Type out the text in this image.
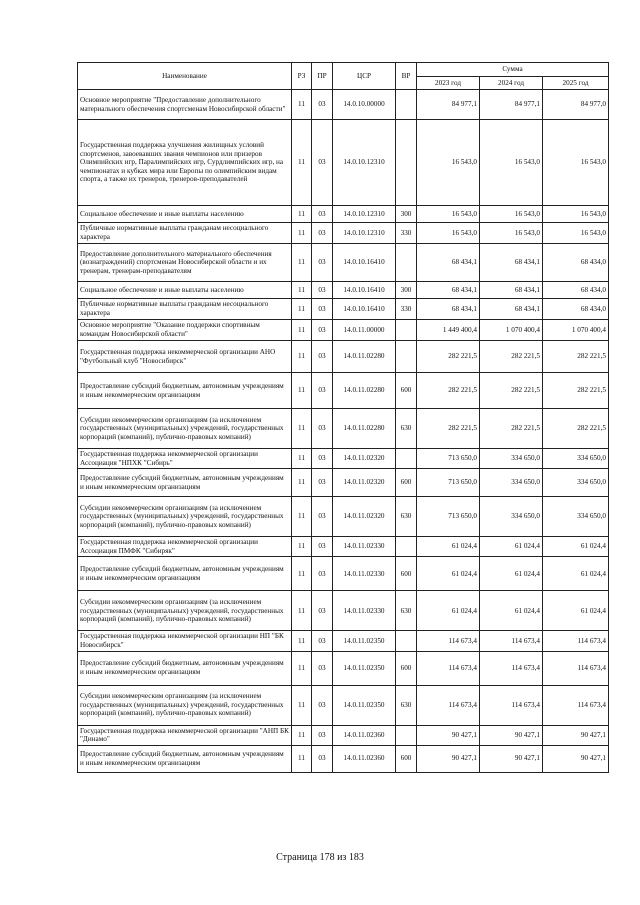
Наименование	РЗ	ПР	ЦСР	ВР	Сумма		
					2023 год	2024 год	2025 год
Основное мероприятие "Предоставление дополнительного материального обеспечения спортсменам Новосибирской области"	11	03	14.0.10.00000		84 977,1	84 977,1	84 977,0
Государственная поддержка улучшения жилищных условий спортсменов, завоевавших звания чемпионов или призеров Олимпийских игр, Паралимпийских игр, Сурдлимпийских игр, на чемпионатах и кубках мира или Европы по олимпийским видам спорта, а также их тренеров, тренеров-преподавателей	11	03	14.0.10.12310		16 543,0	16 543,0	16 543,0
Социальное обеспечение и иные выплаты населению	11	03	14.0.10.12310	300	16 543,0	16 543,0	16 543,0
Публичные нормативные выплаты гражданам несоциального характера	11	03	14.0.10.12310	330	16 543,0	16 543,0	16 543,0
Предоставление дополнительного материального обеспечения (вознаграждений) спортсменам Новосибирской области и их тренерам, тренерам-преподавателям	11	03	14.0.10.16410		68 434,1	68 434,1	68 434,0
Социальное обеспечение и иные выплаты населению	11	03	14.0.10.16410	300	68 434,1	68 434,1	68 434,0
Публичные нормативные выплаты гражданам несоциального характера	11	03	14.0.10.16410	330	68 434,1	68 434,1	68 434,0
Основное мероприятие "Оказание поддержки спортивным командам Новосибирской области"	11	03	14.0.11.00000		1 449 400,4	1 070 400,4	1 070 400,4
Государственная поддержка некоммерческой организации АНО "Футбольный клуб "Новосибирск"	11	03	14.0.11.02280		282 221,5	282 221,5	282 221,5
Предоставление субсидий бюджетным, автономным учреждениям и иным некоммерческим организациям	11	03	14.0.11.02280	600	282 221,5	282 221,5	282 221,5
Субсидии некоммерческим организациям (за исключением государственных (муниципальных) учреждений, государственных корпораций (компаний), публично-правовых компаний)	11	03	14.0.11.02280	630	282 221,5	282 221,5	282 221,5
Государственная поддержка некоммерческой организации Ассоциация "НПХК "Сибирь"	11	03	14.0.11.02320		713 650,0	334 650,0	334 650,0
Предоставление субсидий бюджетным, автономным учреждениям и иным некоммерческим организациям	11	03	14.0.11.02320	600	713 650,0	334 650,0	334 650,0
Субсидии некоммерческим организациям (за исключением государственных (муниципальных) учреждений, государственных корпораций (компаний), публично-правовых компаний)	11	03	14.0.11.02320	630	713 650,0	334 650,0	334 650,0
Государственная поддержка некоммерческой организации Ассоциация ПМФК "Сибиряк"	11	03	14.0.11.02330		61 024,4	61 024,4	61 024,4
Предоставление субсидий бюджетным, автономным учреждениям и иным некоммерческим организациям	11	03	14.0.11.02330	600	61 024,4	61 024,4	61 024,4
Субсидии некоммерческим организациям (за исключением государственных (муниципальных) учреждений, государственных корпораций (компаний), публично-правовых компаний)	11	03	14.0.11.02330	630	61 024,4	61 024,4	61 024,4
Государственная поддержка некоммерческой организации НП "БК Новосибирск"	11	03	14.0.11.02350		114 673,4	114 673,4	114 673,4
Предоставление субсидий бюджетным, автономным учреждениям и иным некоммерческим организациям	11	03	14.0.11.02350	600	114 673,4	114 673,4	114 673,4
Субсидии некоммерческим организациям (за исключением государственных (муниципальных) учреждений, государственных корпораций (компаний), публично-правовых компаний)	11	03	14.0.11.02350	630	114 673,4	114 673,4	114 673,4
Государственная поддержка некоммерческой организации "АНП БК "Динамо"	11	03	14.0.11.02360		90 427,1	90 427,1	90 427,1
Предоставление субсидий бюджетным, автономным учреждениям и иным некоммерческим организациям	11	03	14.0.11.02360	600	90 427,1	90 427,1	90 427,1
Страница 178 из 183
